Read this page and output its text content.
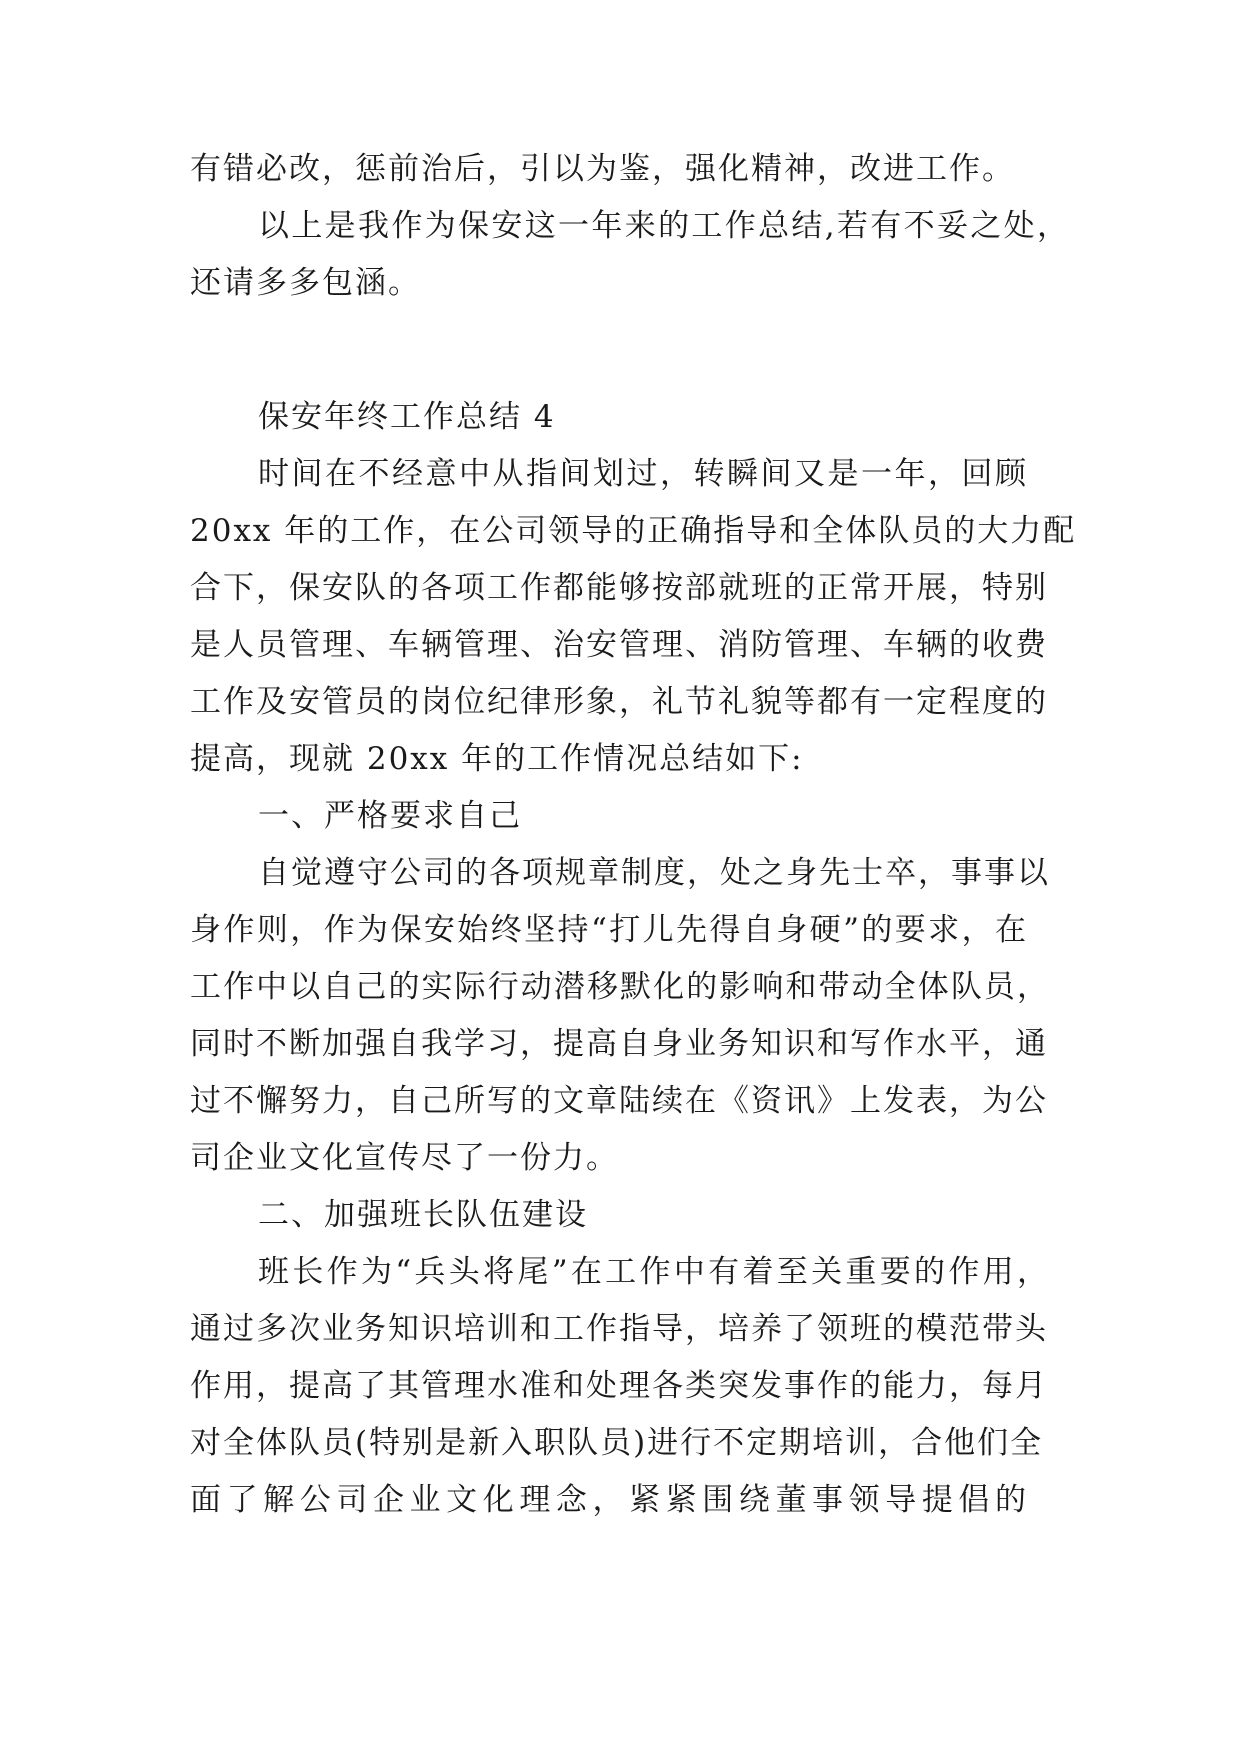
有错必改，惩前治后，引以为鉴，强化精神，改进工作。
以上是我作为保安这一年来的工作总结,若有不妥之处，
还请多多包涵。
保安年终工作总结 4
时间在不经意中从指间划过，转瞬间又是一年，回顾
20xx 年的工作，在公司领导的正确指导和全体队员的大力配
合下，保安队的各项工作都能够按部就班的正常开展，特别
是人员管理、车辆管理、治安管理、消防管理、车辆的收费
工作及安管员的岗位纪律形象，礼节礼貌等都有一定程度的
提高，现就 20xx 年的工作情况总结如下:
一、严格要求自己
自觉遵守公司的各项规章制度，处之身先士卒，事事以
身作则，作为保安始终坚持“打儿先得自身硬”的要求，在
工作中以自己的实际行动潜移默化的影响和带动全体队员，
同时不断加强自我学习，提高自身业务知识和写作水平，通
过不懈努力，自己所写的文章陆续在《资讯》上发表，为公
司企业文化宣传尽了一份力。
二、加强班长队伍建设
班长作为“兵头将尾”在工作中有着至关重要的作用，
通过多次业务知识培训和工作指导，培养了领班的模范带头
作用，提高了其管理水准和处理各类突发事作的能力，每月
对全体队员(特别是新入职队员)进行不定期培训，合他们全
面了解公司企业文化理念，紧紧围绕董事领导提倡的
